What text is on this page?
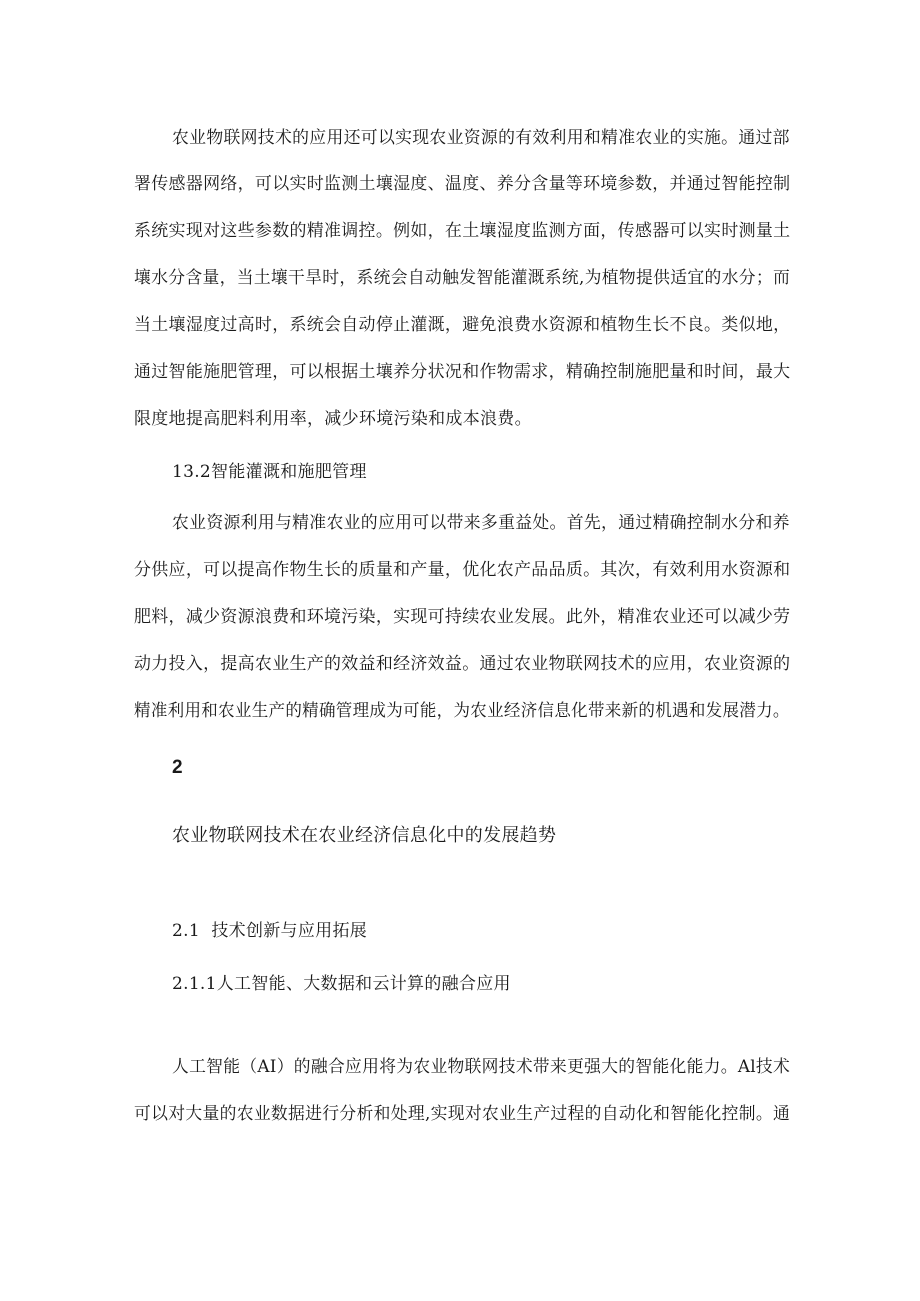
农业物联网技术的应用还可以实现农业资源的有效利用和精准农业的实施。通过部
署传感器网络，可以实时监测土壤湿度、温度、养分含量等环境参数，并通过智能控制
系统实现对这些参数的精准调控。例如，在土壤湿度监测方面，传感器可以实时测量土
壤水分含量，当土壤干旱时，系统会自动触发智能灌溉系统,为植物提供适宜的水分；而
当土壤湿度过高时，系统会自动停止灌溉，避免浪费水资源和植物生长不良。类似地，
通过智能施肥管理，可以根据土壤养分状况和作物需求，精确控制施肥量和时间，最大
限度地提高肥料利用率，减少环境污染和成本浪费。
13.2智能灌溉和施肥管理
农业资源利用与精准农业的应用可以带来多重益处。首先，通过精确控制水分和养
分供应，可以提高作物生长的质量和产量，优化农产品品质。其次，有效利用水资源和
肥料，减少资源浪费和环境污染，实现可持续农业发展。此外，精准农业还可以减少劳
动力投入，提高农业生产的效益和经济效益。通过农业物联网技术的应用，农业资源的
精准利用和农业生产的精确管理成为可能，为农业经济信息化带来新的机遇和发展潜力。
2
农业物联网技术在农业经济信息化中的发展趋势
2.1  技术创新与应用拓展
2.1.1人工智能、大数据和云计算的融合应用
人工智能（AI）的融合应用将为农业物联网技术带来更强大的智能化能力。Al技术
可以对大量的农业数据进行分析和处理,实现对农业生产过程的自动化和智能化控制。通
